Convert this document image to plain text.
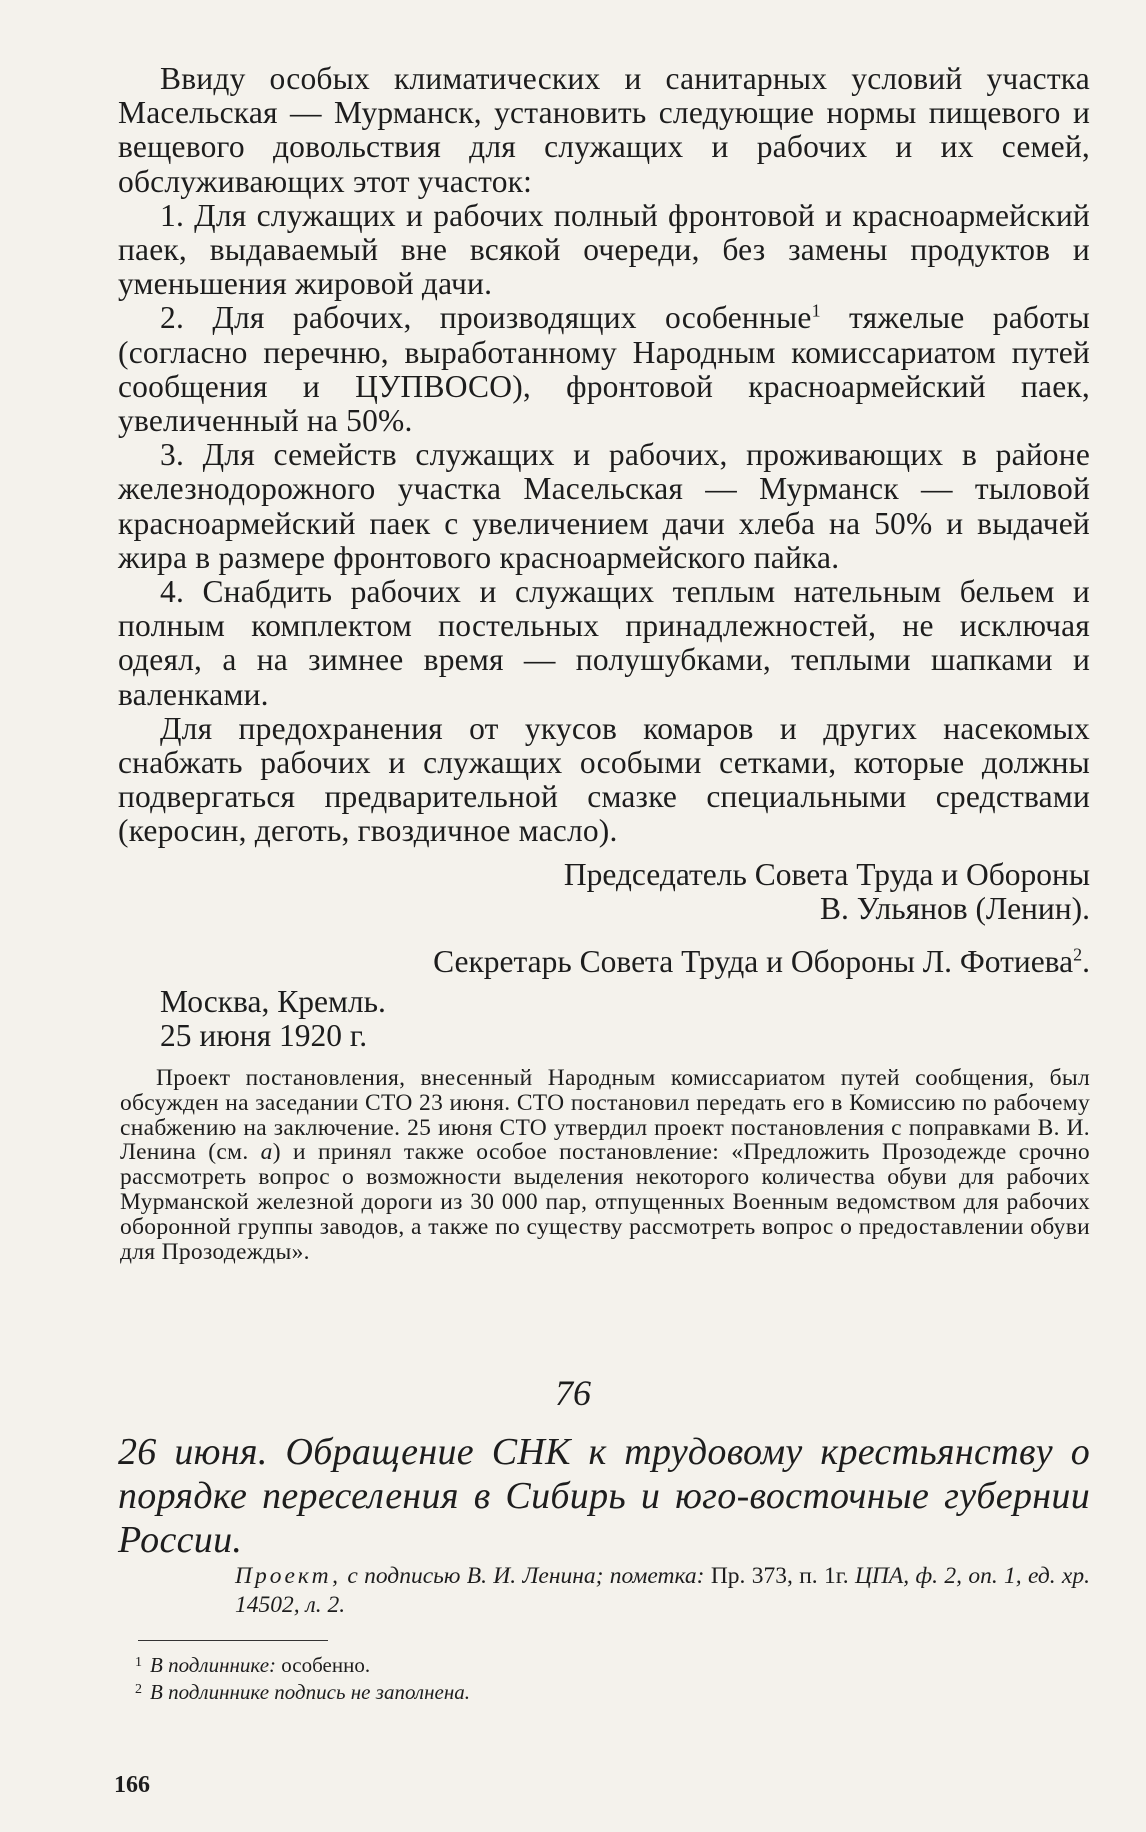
Ввиду особых климатических и санитарных условий участка Масельская — Мурманск, установить следующие нормы пищевого и вещевого довольствия для служащих и рабочих и их семей, обслуживающих этот участок:

1. Для служащих и рабочих полный фронтовой и красноармейский паек, выдаваемый вне всякой очереди, без замены продуктов и уменьшения жировой дачи.

2. Для рабочих, производящих особенные$^1$ тяжелые работы (согласно перечню, выработанному Народным комиссариатом путей сообщения и ЦУПВОСО), фронтовой красноармейский паек, увеличенный на 50%.

3. Для семейств служащих и рабочих, проживающих в районе железнодорожного участка Масельская — Мурманск — тыловой красноармейский паек с увеличением дачи хлеба на 50% и выдачей жира в размере фронтового красноармейского пайка.

4. Снабдить рабочих и служащих теплым нательным бельем и полным комплектом постельных принадлежностей, не исключая одеял, а на зимнее время — полушубками, теплыми шапками и валенками.

Для предохранения от укусов комаров и других насекомых снабжать рабочих и служащих особыми сетками, которые должны подвергаться предварительной смазке специальными средствами (керосин, деготь, гвоздичное масло).

Председатель Совета Труда и Обороны
В. Ульянов (Ленин).
Секретарь Совета Труда и Обороны Л. Фотиева$^2$.
Москва, Кремль.
25 июня 1920 г.

Проект постановления, внесенный Народным комиссариатом путей сообщения, был обсужден на заседании СТО 23 июня. СТО постановил передать его в Комиссию по рабочему снабжению на заключение. 25 июня СТО утвердил проект постановления с поправками В. И. Ленина (см. а) и принял также особое постановление: «Предложить Прозодежде срочно рассмотреть вопрос о возможности выделения некоторого количества обуви для рабочих Мурманской железной дороги из 30 000 пар, отпущенных Военным ведомством для рабочих оборонной группы заводов, а также по существу рассмотреть вопрос о предоставлении обуви для Прозодежды».

76
26 июня. Обращение СНК к трудовому крестьянству о порядке переселения в Сибирь и юго-восточные губернии России.
Проект, с подписью В. И. Ленина; пометка: Пр. 373, п. 1г. ЦПА, ф. 2, оп. 1, ед. хр. 14502, л. 2.
$^1$ В подлиннике: особенно.
$^2$ В подлиннике подпись не заполнена.
166
